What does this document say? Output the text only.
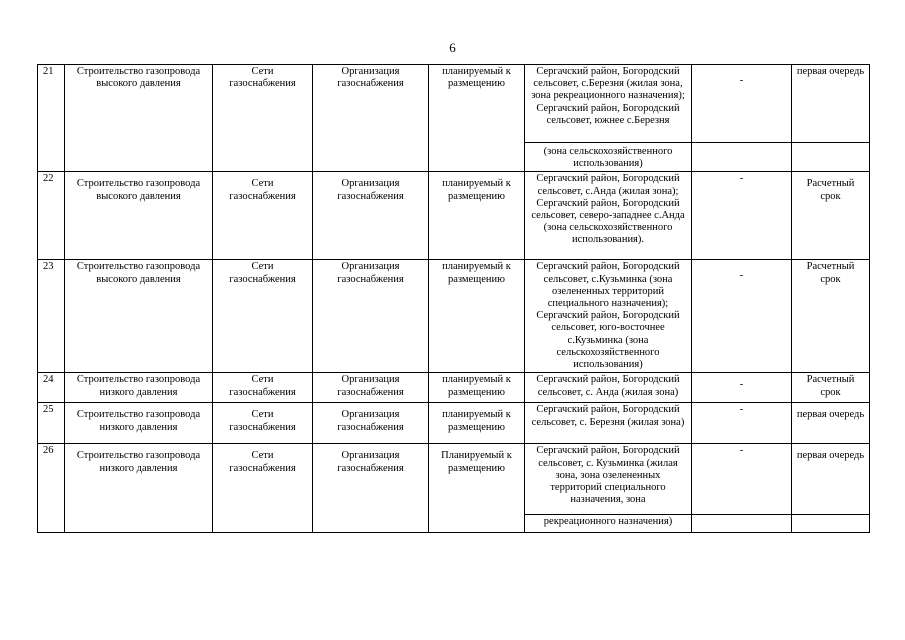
6
21	Строительство газопровода высокого давления	Сети газоснабжения	Организация газоснабжения	планируемый к размещению	Сергачский район, Богородский сельсовет, с.Березня (жилая зона, зона рекреационного назначения); Сергачский район, Богородский сельсовет, южнее с.Березня	-	первая очередь
					(зона сельскохозяйственного использования)		
22	Строительство газопровода высокого давления	Сети газоснабжения	Организация газоснабжения	планируемый к размещению	Сергачский район, Богородский сельсовет, с.Анда (жилая зона); Сергачский район, Богородский сельсовет, северо-западнее с.Анда (зона сельскохозяйственного использования).	-	Расчетный срок
23	Строительство газопровода высокого давления	Сети газоснабжения	Организация газоснабжения	планируемый к размещению	Сергачский район, Богородский сельсовет, с.Кузьминка (зона озелененных территорий специального назначения); Сергачский район, Богородский сельсовет, юго-восточнее с.Кузьминка (зона сельскохозяйственного использования)	-	Расчетный срок
24	Строительство газопровода низкого давления	Сети газоснабжения	Организация газоснабжения	планируемый к размещению	Сергачский район, Богородский сельсовет, с. Анда (жилая зона)	-	Расчетный срок
25	Строительство газопровода низкого давления	Сети газоснабжения	Организация газоснабжения	планируемый к размещению	Сергачский район, Богородский сельсовет, с. Березня (жилая зона)	-	первая очередь
26	Строительство газопровода низкого давления	Сети газоснабжения	Организация газоснабжения	Планируемый к размещению	Сергачский район, Богородский сельсовет, с. Кузьминка (жилая зона, зона озелененных территорий специального назначения, зона	-	первая очередь
					рекреационного назначения)		
